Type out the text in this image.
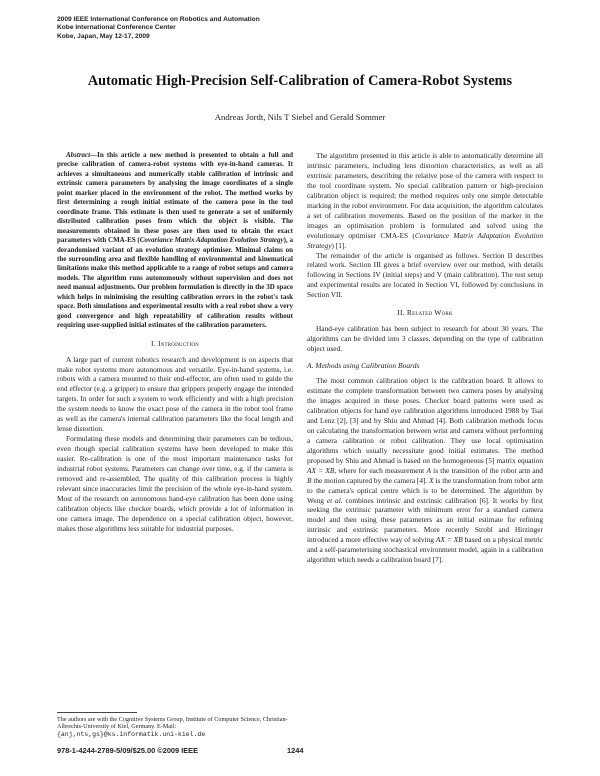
2009 IEEE International Conference on Robotics and Automation
Kobe International Conference Center
Kobe, Japan, May 12-17, 2009
Automatic High-Precision Self-Calibration of Camera-Robot Systems
Andreas Jordt, Nils T Siebel and Gerald Sommer

Abstract—In this article a new method is presented to obtain a full and precise calibration of camera-robot systems with eye-in-hand cameras. It achieves a simultaneous and numerically stable calibration of intrinsic and extrinsic camera parameters by analysing the image coordinates of a single point marker placed in the environment of the robot. The method works by first determining a rough initial estimate of the camera pose in the tool coordinate frame. This estimate is then used to generate a set of uniformly distributed calibration poses from which the object is visible. The measurements obtained in these poses are then used to obtain the exact parameters with CMA-ES (Covariance Matrix Adaptation Evolution Strategy), a derandomised variant of an evolution strategy optimiser. Minimal claims on the surrounding area and flexible handling of environmental and kinematical limitations make this method applicable to a range of robot setups and camera models. The algorithm runs autonomously without supervision and does not need manual adjustments. Our problem formulation is directly in the 3D space which helps in minimising the resulting calibration errors in the robot's task space. Both simulations and experimental results with a real robot show a very good convergence and high repeatability of calibration results without requiring user-supplied initial estimates of the calibration parameters.

I. Introduction

A large part of current robotics research and development is on aspects that make robot systems more autonomous and versatile. Eye-in-hand systems, i.e. robots with a camera mounted to their end-effector, are often used to guide the end effector (e.g. a gripper) to ensure that grippers properly engage the intended targets. In order for such a system to work efficiently and with a high precision the system needs to know the exact pose of the camera in the robot tool frame as well as the camera's internal calibration parameters like the focal length and lense distortion.

Formulating these models and determining their parameters can be tedious, even though special calibration systems have been developed to make this easier. Re-calibration is one of the most important maintenance tasks for industrial robot systems. Parameters can change over time, e.g. if the camera is removed and re-assembled. The quality of this calibration process is highly relevant since inaccuracies limit the precision of the whole eye-in-hand system. Most of the research on autonomous hand-eye calibration has been done using calibration objects like checker boards, which provide a lot of information in one camera image. The dependence on a special calibration object, however, makes those algorithms less suitable for industrial purposes.

The algorithm presented in this article is able to automatically determine all intrinsic parameters, including lens distortion characteristics, as well as all extrinsic parameters, describing the relative pose of the camera with respect to the tool coordinate system. No special calibration pattern or high-precision calibration object is required; the method requires only one simple detectable marking in the robot environment. For data acquisition, the algorithm calculates a set of calibration movements. Based on the position of the marker in the images an optimisation problem is formulated and solved using the evolutionary optimiser CMA-ES (Covariance Matrix Adaptation Evolution Strategy) [1].

The remainder of the article is organised as follows. Section II describes related work. Section III gives a brief overview over our method, with details following in Sections IV (initial steps) and V (main calibration). The test setup and experimental results are located in Section VI, followed by conclusions in Section VII.

II. Related Work

Hand-eye calibration has been subject to research for about 30 years. The algorithms can be divided into 3 classes, depending on the type of calibration object used.

A. Methods using Calibration Boards

The most common calibration object is the calibration board. It allows to estimate the complete transformation between two camera poses by analysing the images acquired in these poses. Checker board patterns were used as calibration objects for hand eye calibration algorithms introduced 1988 by Tsai and Lenz [2], [3] and by Shiu and Ahmad [4]. Both calibration methods focus on calculating the transformation between wrist and camera without performing a camera calibration or robot calibration. They use local optimisation algorithms which usually necessitate good initial estimates. The method proposed by Shiu and Ahmad is based on the homogeneous [5] matrix equation AX = XB, where for each measurement A is the transition of the robot arm and B the motion captured by the camera [4]. X is the transformation from robot arm to the camera's optical centre which is to be determined. The algorithm by Weng et al. combines intrinsic and extrinsic calibration [6]. It works by first seeking the extrinsic parameter with minimum error for a standard camera model and then using these parameters as an initial estimate for refining intrinsic and extrinsic parameters. More recently Strobl and Hirzinger introduced a more effective way of solving AX = XB based on a physical metric and a self-parameterising stochastical environment model, again in a calibration algorithm which needs a calibration board [7].

The authors are with the Cognitive Systems Group, Institute of Computer Science, Christian-Albrechts-University of Kiel, Germany. E-Mail:
{anj,nts,gs}@ks.informatik.uni-kiel.de
978-1-4244-2789-5/09/$25.00 ©2009 IEEE	1244
